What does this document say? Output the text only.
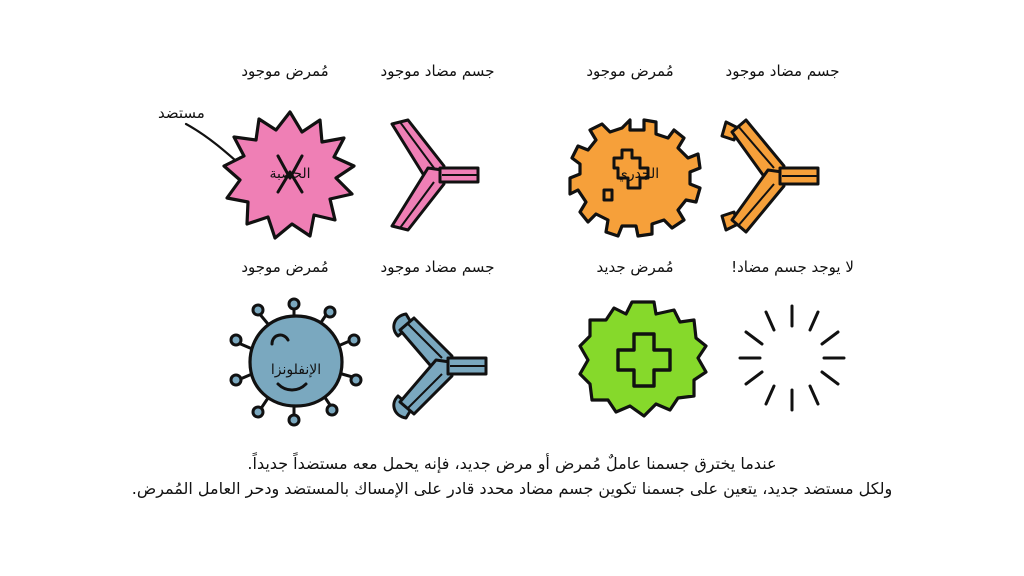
مُمرض موجود	جسم مضاد موجود	مُمرض موجود	جسم مضاد موجود
مُمرض موجود	جسم مضاد موجود	مُمرض جديد	لا يوجد جسم مضاد!
مستضد
الحصبة	الجدري
الإنفلونزا
عندما يخترق جسمنا عاملٌ مُمرض أو مرض جديد، فإنه يحمل معه مستضداً جديداً.
ولكل مستضد جديد، يتعين على جسمنا تكوين جسم مضاد محدد قادر على الإمساك بالمستضد ودحر العامل المُمرض.
